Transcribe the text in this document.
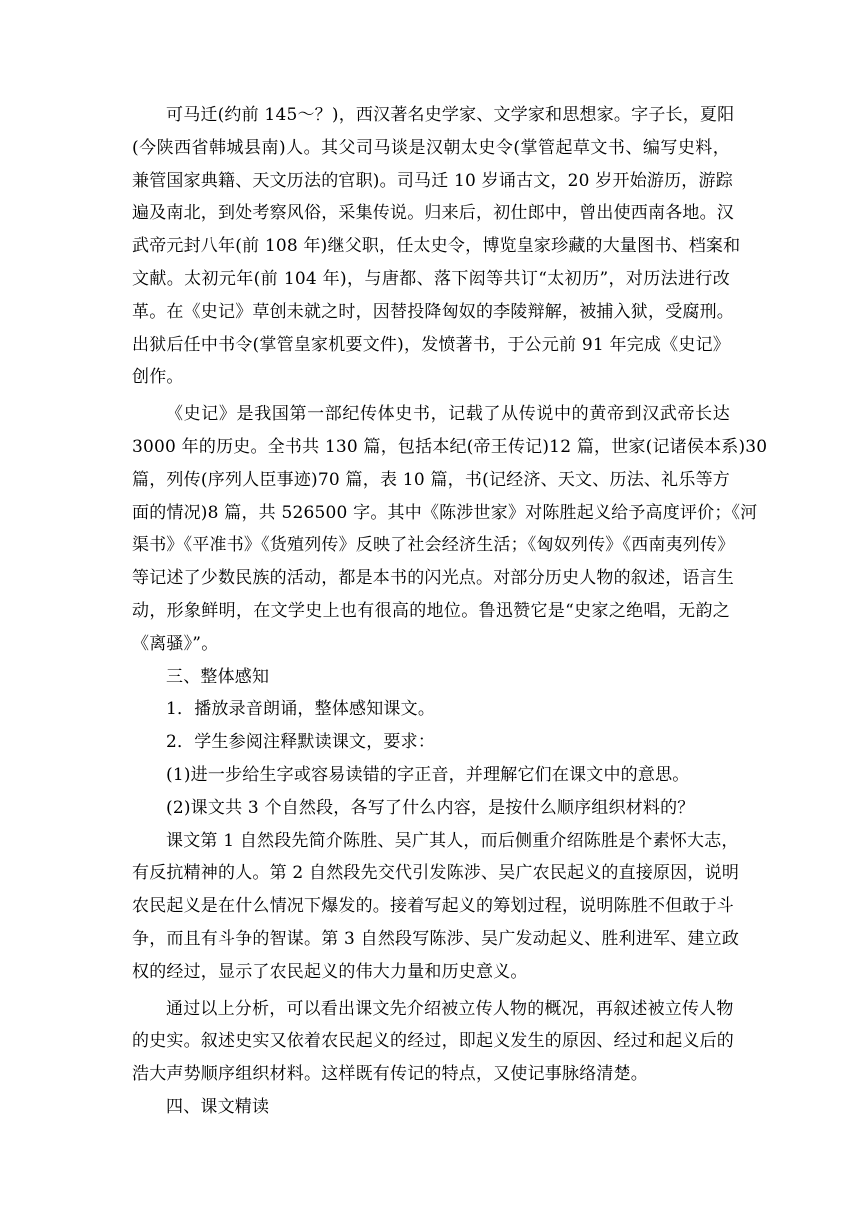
可马迁(约前 145～？)，西汉著名史学家、文学家和思想家。字子长，夏阳
(今陕西省韩城县南)人。其父司马谈是汉朝太史令(掌管起草文书、编写史料，
兼管国家典籍、天文历法的官职)。司马迁 10 岁诵古文，20 岁开始游历，游踪
遍及南北，到处考察风俗，采集传说。归来后，初仕郎中，曾出使西南各地。汉
武帝元封八年(前 108 年)继父职，任太史令，博览皇家珍藏的大量图书、档案和
文献。太初元年(前 104 年)，与唐都、落下闳等共订“太初历”，对历法进行改
革。在《史记》草创未就之时，因替投降匈奴的李陵辩解，被捕入狱，受腐刑。
出狱后任中书令(掌管皇家机要文件)，发愤著书，于公元前 91 年完成《史记》
创作。

《史记》是我国第一部纪传体史书，记载了从传说中的黄帝到汉武帝长达
3000 年的历史。全书共 130 篇，包括本纪(帝王传记)12 篇，世家(记诸侯本系)30
篇，列传(序列人臣事迹)70 篇，表 10 篇，书(记经济、天文、历法、礼乐等方
面的情况)8 篇，共 526500 字。其中《陈涉世家》对陈胜起义给予高度评价；《河
渠书》《平准书》《货殖列传》反映了社会经济生活；《匈奴列传》《西南夷列传》
等记述了少数民族的活动，都是本书的闪光点。对部分历史人物的叙述，语言生
动，形象鲜明，在文学史上也有很高的地位。鲁迅赞它是“史家之绝唱，无韵之
《离骚》”。

三、整体感知

1．播放录音朗诵，整体感知课文。

2．学生参阅注释默读课文，要求：

(1)进一步给生字或容易读错的字正音，并理解它们在课文中的意思。

(2)课文共 3 个自然段，各写了什么内容，是按什么顺序组织材料的？

课文第 1 自然段先简介陈胜、吴广其人，而后侧重介绍陈胜是个素怀大志，
有反抗精神的人。第 2 自然段先交代引发陈涉、吴广农民起义的直接原因，说明
农民起义是在什么情况下爆发的。接着写起义的筹划过程，说明陈胜不但敢于斗
争，而且有斗争的智谋。第 3 自然段写陈涉、吴广发动起义、胜利进军、建立政
权的经过，显示了农民起义的伟大力量和历史意义。

通过以上分析，可以看出课文先介绍被立传人物的概况，再叙述被立传人物
的史实。叙述史实又依着农民起义的经过，即起义发生的原因、经过和起义后的
浩大声势顺序组织材料。这样既有传记的特点，又使记事脉络清楚。

四、课文精读
